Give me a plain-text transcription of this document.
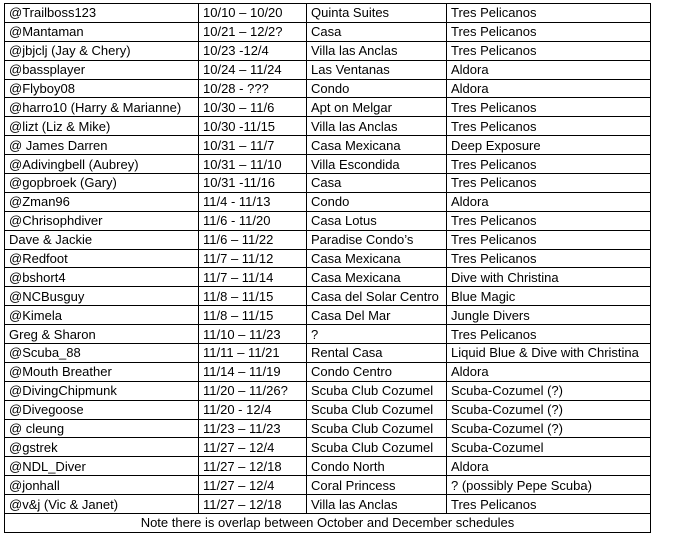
@Trailboss123	10/10 – 10/20	Quinta Suites	Tres Pelicanos
@Mantaman	10/21 – 12/2?	Casa	Tres Pelicanos
@jbjclj (Jay & Chery)	10/23 -12/4	Villa las Anclas	Tres Pelicanos
@bassplayer	10/24 – 11/24	Las Ventanas	Aldora
@Flyboy08	10/28 - ???	Condo	Aldora
@harro10 (Harry & Marianne)	10/30 – 11/6	Apt on Melgar	Tres Pelicanos
@lizt (Liz & Mike)	10/30 -11/15	Villa las Anclas	Tres Pelicanos
@ James Darren	10/31 – 11/7	Casa Mexicana	Deep Exposure
@Adivingbell (Aubrey)	10/31 – 11/10	Villa Escondida	Tres Pelicanos
@gopbroek (Gary)	10/31 -11/16	Casa	Tres Pelicanos
@Zman96	11/4 - 11/13	Condo	Aldora
@Chrisophdiver	11/6 - 11/20	Casa Lotus	Tres Pelicanos
Dave & Jackie	11/6 – 11/22	Paradise Condo’s	Tres Pelicanos
@Redfoot	11/7 – 11/12	Casa Mexicana	Tres Pelicanos
@bshort4	11/7 – 11/14	Casa Mexicana	Dive with Christina
@NCBusguy	11/8 – 11/15	Casa del Solar Centro	Blue Magic
@Kimela	11/8 – 11/15	Casa Del Mar	Jungle Divers
Greg & Sharon	11/10 – 11/23	?	Tres Pelicanos
@Scuba_88	11/11 – 11/21	Rental Casa	Liquid Blue & Dive with Christina
@Mouth Breather	11/14 – 11/19	Condo Centro	Aldora
@DivingChipmunk	11/20 – 11/26?	Scuba Club Cozumel	Scuba-Cozumel (?)
@Divegoose	11/20 - 12/4	Scuba Club Cozumel	Scuba-Cozumel (?)
@ cleung	11/23 – 11/23	Scuba Club Cozumel	Scuba-Cozumel (?)
@gstrek	11/27 – 12/4	Scuba Club Cozumel	Scuba-Cozumel
@NDL_Diver	11/27 – 12/18	Condo North	Aldora
@jonhall	11/27 – 12/4	Coral Princess	? (possibly Pepe Scuba)
@v&j (Vic & Janet)	11/27 – 12/18	Villa las Anclas	Tres Pelicanos
Note there is overlap between October and December schedules			
